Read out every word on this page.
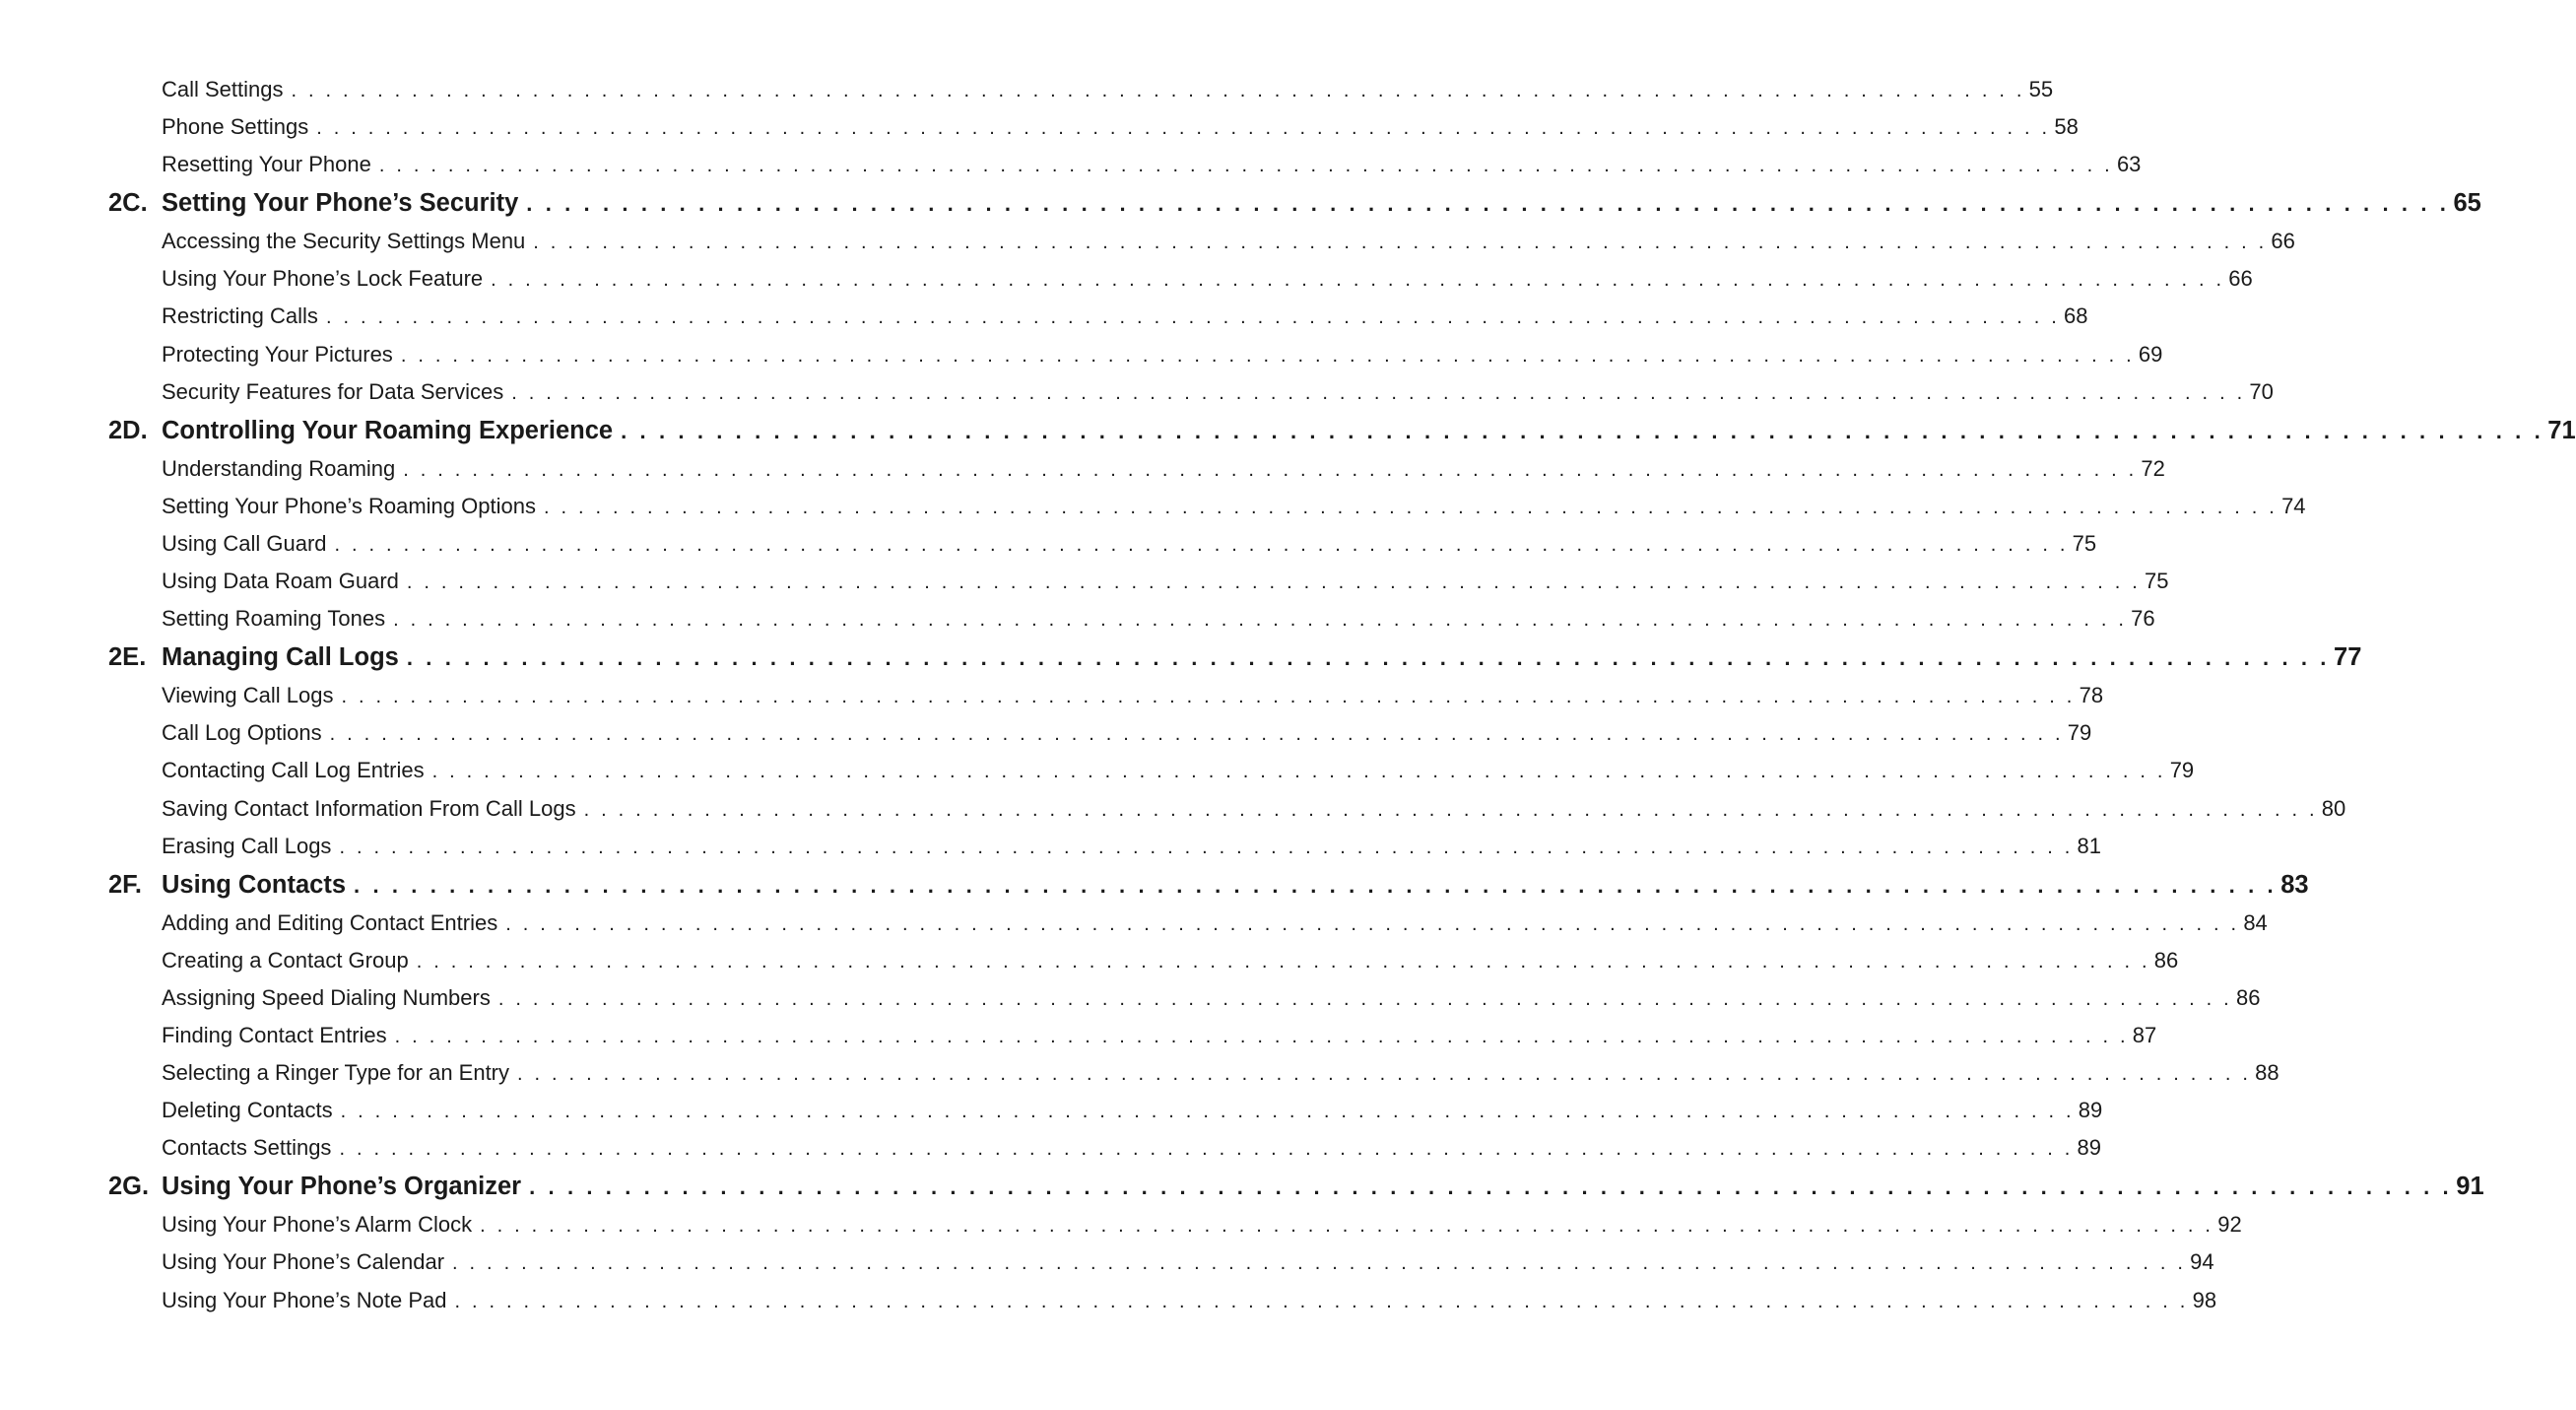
Call Settings . . . . . . . . . . . . . . . . . . . . . . . . . . . . . . . . . . . . . . . . . . . . . . . . . . . . . . . . . . . . . . . . . . . . . . . . . . . . . . . . . . . . . . . . . . . . . . . . . . . . . 55
Phone Settings . . . . . . . . . . . . . . . . . . . . . . . . . . . . . . . . . . . . . . . . . . . . . . . . . . . . . . . . . . . . . . . . . . . . . . . . . . . . . . . . . . . . . . . . . . . . . . . . . . . . . 58
Resetting Your Phone . . . . . . . . . . . . . . . . . . . . . . . . . . . . . . . . . . . . . . . . . . . . . . . . . . . . . . . . . . . . . . . . . . . . . . . . . . . . . . . . . . . . . . . . . . . . . . . . . . . . . 63
2C. Setting Your Phone’s Security . . . . . . . . . . . . . . . . . . . . . . . . . . . . . . . . . . . . . . . . . . . . . . . . . . . . . . . . . . . . . . . . . . . . . . . . . . . . . . . . . . . . . . . . . . . . . . . . . . . . . 65
Accessing the Security Settings Menu . . . . . . . . . . . . . . . . . . . . . . . . . . . . . . . . . . . . . . . . . . . . . . . . . . . . . . . . . . . . . . . . . . . . . . . . . . . . . . . . . . . . . . . . . . . . . . . . . . . . . 66
Using Your Phone’s Lock Feature . . . . . . . . . . . . . . . . . . . . . . . . . . . . . . . . . . . . . . . . . . . . . . . . . . . . . . . . . . . . . . . . . . . . . . . . . . . . . . . . . . . . . . . . . . . . . . . . . . . . . 66
Restricting Calls . . . . . . . . . . . . . . . . . . . . . . . . . . . . . . . . . . . . . . . . . . . . . . . . . . . . . . . . . . . . . . . . . . . . . . . . . . . . . . . . . . . . . . . . . . . . . . . . . . . . . 68
Protecting Your Pictures . . . . . . . . . . . . . . . . . . . . . . . . . . . . . . . . . . . . . . . . . . . . . . . . . . . . . . . . . . . . . . . . . . . . . . . . . . . . . . . . . . . . . . . . . . . . . . . . . . . . . 69
Security Features for Data Services . . . . . . . . . . . . . . . . . . . . . . . . . . . . . . . . . . . . . . . . . . . . . . . . . . . . . . . . . . . . . . . . . . . . . . . . . . . . . . . . . . . . . . . . . . . . . . . . . . . . . 70
2D. Controlling Your Roaming Experience . . . . . . . . . . . . . . . . . . . . . . . . . . . . . . . . . . . . . . . . . . . . . . . . . . . . . . . . . . . . . . . . . . . . . . . . . . . . . . . . . . . . . . . . . . . . . . . . . . . . . 71
Understanding Roaming . . . . . . . . . . . . . . . . . . . . . . . . . . . . . . . . . . . . . . . . . . . . . . . . . . . . . . . . . . . . . . . . . . . . . . . . . . . . . . . . . . . . . . . . . . . . . . . . . . . . . 72
Setting Your Phone’s Roaming Options . . . . . . . . . . . . . . . . . . . . . . . . . . . . . . . . . . . . . . . . . . . . . . . . . . . . . . . . . . . . . . . . . . . . . . . . . . . . . . . . . . . . . . . . . . . . . . . . . . . . . 74
Using Call Guard . . . . . . . . . . . . . . . . . . . . . . . . . . . . . . . . . . . . . . . . . . . . . . . . . . . . . . . . . . . . . . . . . . . . . . . . . . . . . . . . . . . . . . . . . . . . . . . . . . . . . 75
Using Data Roam Guard . . . . . . . . . . . . . . . . . . . . . . . . . . . . . . . . . . . . . . . . . . . . . . . . . . . . . . . . . . . . . . . . . . . . . . . . . . . . . . . . . . . . . . . . . . . . . . . . . . . . . 75
Setting Roaming Tones . . . . . . . . . . . . . . . . . . . . . . . . . . . . . . . . . . . . . . . . . . . . . . . . . . . . . . . . . . . . . . . . . . . . . . . . . . . . . . . . . . . . . . . . . . . . . . . . . . . . . 76
2E. Managing Call Logs . . . . . . . . . . . . . . . . . . . . . . . . . . . . . . . . . . . . . . . . . . . . . . . . . . . . . . . . . . . . . . . . . . . . . . . . . . . . . . . . . . . . . . . . . . . . . . . . . . . . . 77
Viewing Call Logs . . . . . . . . . . . . . . . . . . . . . . . . . . . . . . . . . . . . . . . . . . . . . . . . . . . . . . . . . . . . . . . . . . . . . . . . . . . . . . . . . . . . . . . . . . . . . . . . . . . . . 78
Call Log Options . . . . . . . . . . . . . . . . . . . . . . . . . . . . . . . . . . . . . . . . . . . . . . . . . . . . . . . . . . . . . . . . . . . . . . . . . . . . . . . . . . . . . . . . . . . . . . . . . . . . . 79
Contacting Call Log Entries . . . . . . . . . . . . . . . . . . . . . . . . . . . . . . . . . . . . . . . . . . . . . . . . . . . . . . . . . . . . . . . . . . . . . . . . . . . . . . . . . . . . . . . . . . . . . . . . . . . . . 79
Saving Contact Information From Call Logs . . . . . . . . . . . . . . . . . . . . . . . . . . . . . . . . . . . . . . . . . . . . . . . . . . . . . . . . . . . . . . . . . . . . . . . . . . . . . . . . . . . . . . . . . . . . . . . . . . . . . 80
Erasing Call Logs . . . . . . . . . . . . . . . . . . . . . . . . . . . . . . . . . . . . . . . . . . . . . . . . . . . . . . . . . . . . . . . . . . . . . . . . . . . . . . . . . . . . . . . . . . . . . . . . . . . . . 81
2F. Using Contacts . . . . . . . . . . . . . . . . . . . . . . . . . . . . . . . . . . . . . . . . . . . . . . . . . . . . . . . . . . . . . . . . . . . . . . . . . . . . . . . . . . . . . . . . . . . . . . . . . . . . . 83
Adding and Editing Contact Entries . . . . . . . . . . . . . . . . . . . . . . . . . . . . . . . . . . . . . . . . . . . . . . . . . . . . . . . . . . . . . . . . . . . . . . . . . . . . . . . . . . . . . . . . . . . . . . . . . . . . . 84
Creating a Contact Group . . . . . . . . . . . . . . . . . . . . . . . . . . . . . . . . . . . . . . . . . . . . . . . . . . . . . . . . . . . . . . . . . . . . . . . . . . . . . . . . . . . . . . . . . . . . . . . . . . . . . 86
Assigning Speed Dialing Numbers . . . . . . . . . . . . . . . . . . . . . . . . . . . . . . . . . . . . . . . . . . . . . . . . . . . . . . . . . . . . . . . . . . . . . . . . . . . . . . . . . . . . . . . . . . . . . . . . . . . . . 86
Finding Contact Entries . . . . . . . . . . . . . . . . . . . . . . . . . . . . . . . . . . . . . . . . . . . . . . . . . . . . . . . . . . . . . . . . . . . . . . . . . . . . . . . . . . . . . . . . . . . . . . . . . . . . . 87
Selecting a Ringer Type for an Entry . . . . . . . . . . . . . . . . . . . . . . . . . . . . . . . . . . . . . . . . . . . . . . . . . . . . . . . . . . . . . . . . . . . . . . . . . . . . . . . . . . . . . . . . . . . . . . . . . . . . . 88
Deleting Contacts . . . . . . . . . . . . . . . . . . . . . . . . . . . . . . . . . . . . . . . . . . . . . . . . . . . . . . . . . . . . . . . . . . . . . . . . . . . . . . . . . . . . . . . . . . . . . . . . . . . . . 89
Contacts Settings . . . . . . . . . . . . . . . . . . . . . . . . . . . . . . . . . . . . . . . . . . . . . . . . . . . . . . . . . . . . . . . . . . . . . . . . . . . . . . . . . . . . . . . . . . . . . . . . . . . . . 89
2G. Using Your Phone’s Organizer . . . . . . . . . . . . . . . . . . . . . . . . . . . . . . . . . . . . . . . . . . . . . . . . . . . . . . . . . . . . . . . . . . . . . . . . . . . . . . . . . . . . . . . . . . . . . . . . . . . . . 91
Using Your Phone’s Alarm Clock . . . . . . . . . . . . . . . . . . . . . . . . . . . . . . . . . . . . . . . . . . . . . . . . . . . . . . . . . . . . . . . . . . . . . . . . . . . . . . . . . . . . . . . . . . . . . . . . . . . . . 92
Using Your Phone’s Calendar . . . . . . . . . . . . . . . . . . . . . . . . . . . . . . . . . . . . . . . . . . . . . . . . . . . . . . . . . . . . . . . . . . . . . . . . . . . . . . . . . . . . . . . . . . . . . . . . . . . . . 94
Using Your Phone’s Note Pad . . . . . . . . . . . . . . . . . . . . . . . . . . . . . . . . . . . . . . . . . . . . . . . . . . . . . . . . . . . . . . . . . . . . . . . . . . . . . . . . . . . . . . . . . . . . . . . . . . . . . 98
